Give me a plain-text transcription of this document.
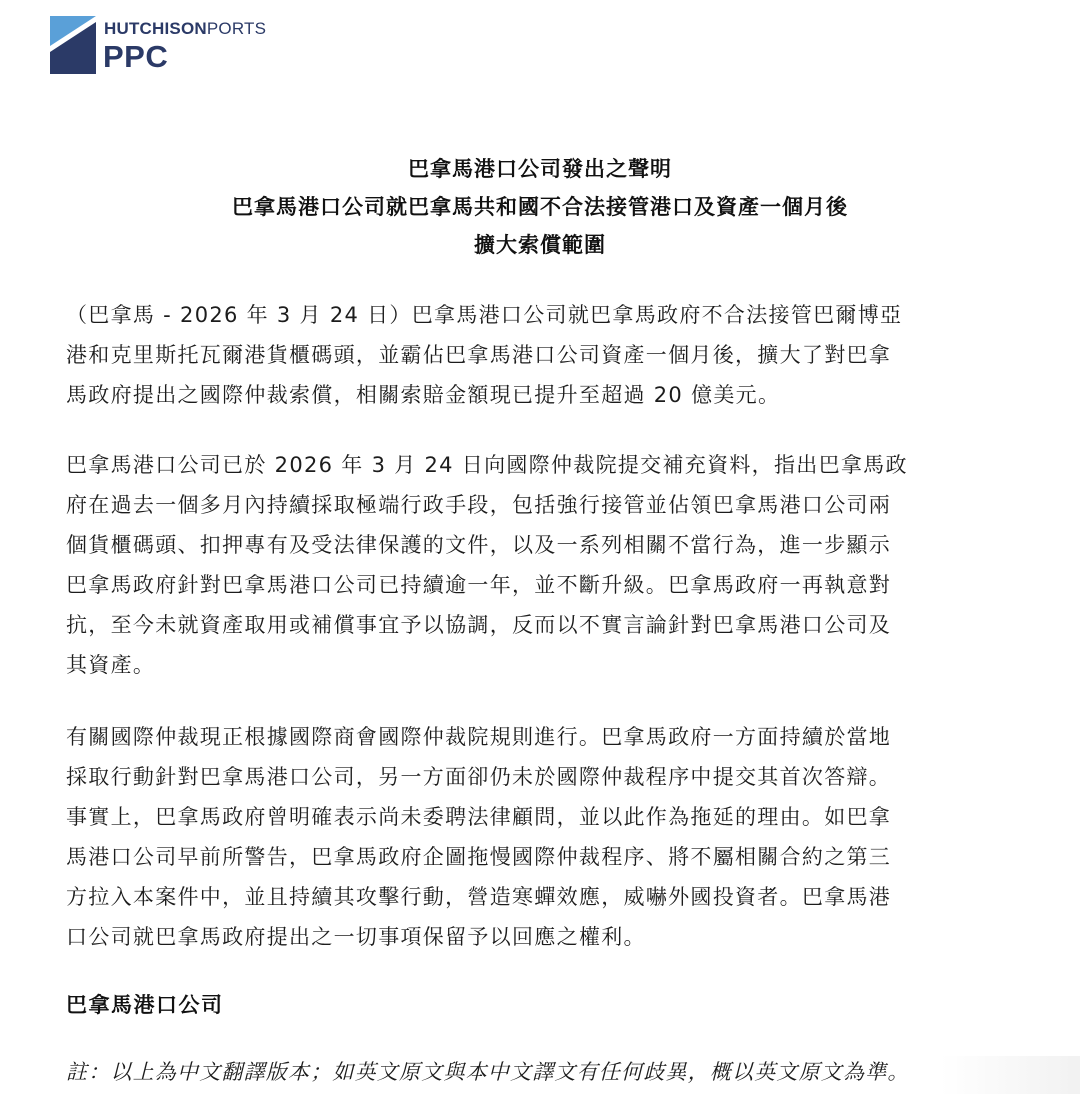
HUTCHISONPORTS
PPC
巴拿馬港口公司發出之聲明
巴拿馬港口公司就巴拿馬共和國不合法接管港口及資產一個月後
擴大索償範圍
（巴拿馬 - 2026 年 3 月 24 日）巴拿馬港口公司就巴拿馬政府不合法接管巴爾博亞
港和克里斯托瓦爾港貨櫃碼頭，並霸佔巴拿馬港口公司資產一個月後，擴大了對巴拿
馬政府提出之國際仲裁索償，相關索賠金額現已提升至超過 20 億美元。
巴拿馬港口公司已於 2026 年 3 月 24 日向國際仲裁院提交補充資料，指出巴拿馬政
府在過去一個多月內持續採取極端行政手段，包括強行接管並佔領巴拿馬港口公司兩
個貨櫃碼頭、扣押專有及受法律保護的文件，以及一系列相關不當行為，進一步顯示
巴拿馬政府針對巴拿馬港口公司已持續逾一年，並不斷升級。巴拿馬政府一再執意對
抗，至今未就資產取用或補償事宜予以協調，反而以不實言論針對巴拿馬港口公司及
其資產。
有關國際仲裁現正根據國際商會國際仲裁院規則進行。巴拿馬政府一方面持續於當地
採取行動針對巴拿馬港口公司，另一方面卻仍未於國際仲裁程序中提交其首次答辯。
事實上，巴拿馬政府曾明確表示尚未委聘法律顧問，並以此作為拖延的理由。如巴拿
馬港口公司早前所警告，巴拿馬政府企圖拖慢國際仲裁程序、將不屬相關合約之第三
方拉入本案件中，並且持續其攻擊行動，營造寒蟬效應，威嚇外國投資者。巴拿馬港
口公司就巴拿馬政府提出之一切事項保留予以回應之權利。
巴拿馬港口公司
註：以上為中文翻譯版本；如英文原文與本中文譯文有任何歧異，概以英文原文為準。
